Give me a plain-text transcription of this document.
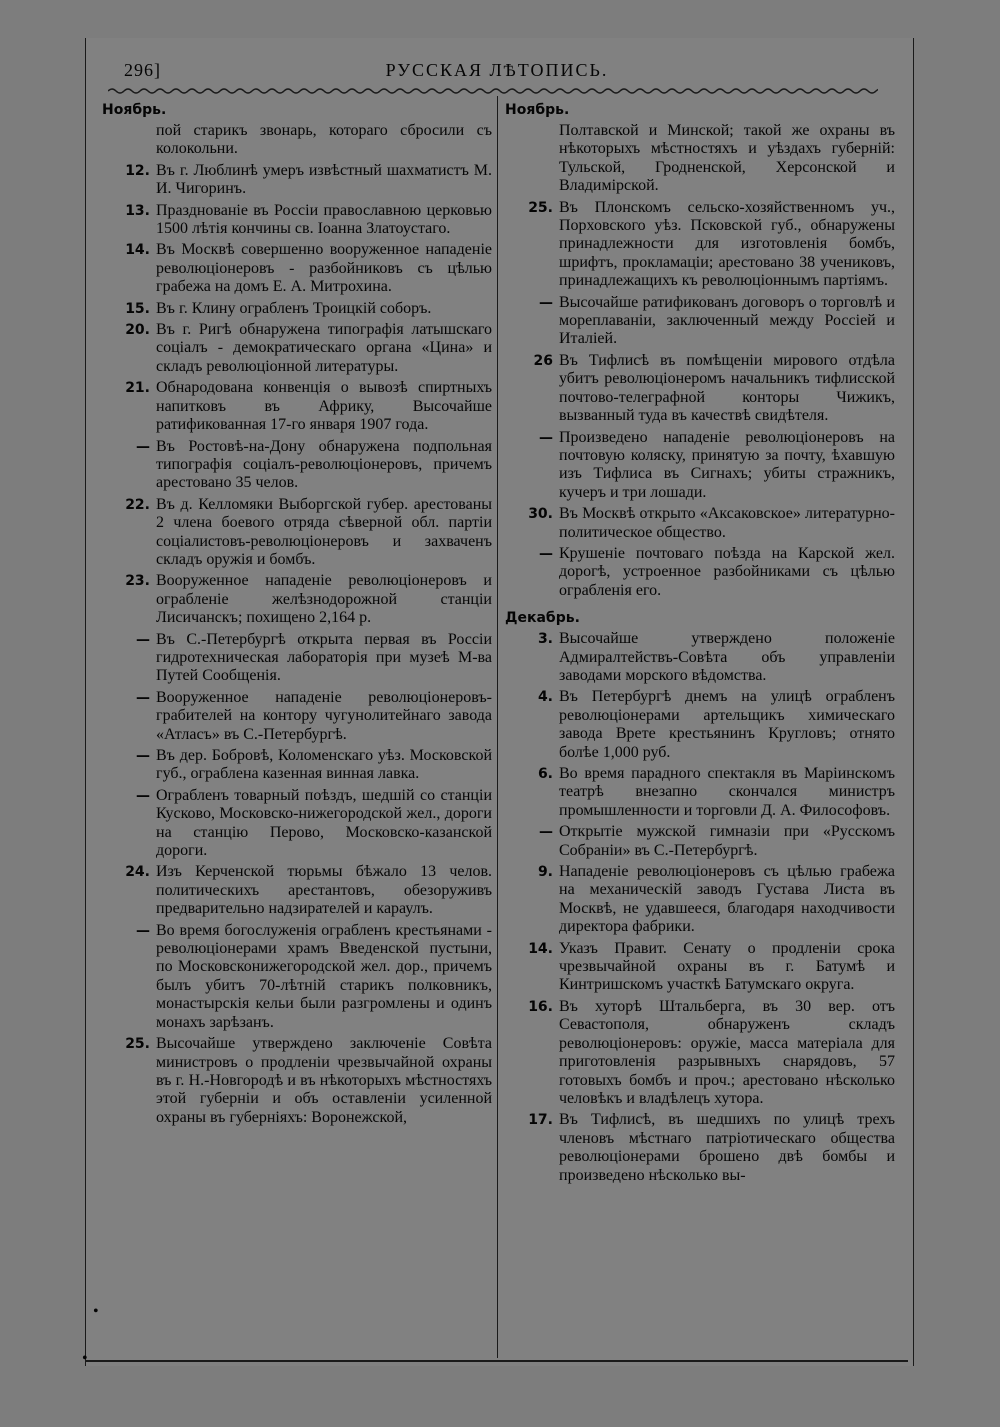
296]	РУССКАЯ ЛѢТОПИСЬ.
•
•
Ноябрь.
пой старикъ звонарь, котораго сбросили съ колокольни.
12. Въ г. Люблинѣ умеръ извѣстный шахматистъ М. И. Чигоринъ.
13. Празднованіе въ Россіи православною церковью 1500 лѣтія кончины св. Іоанна Златоустаго.
14. Въ Москвѣ совершенно вооруженное нападеніе революціонеровъ - разбойниковъ съ цѣлью грабежа на домъ Е. А. Митрохина.
15. Въ г. Клину ограбленъ Троицкій соборъ.
20. Въ г. Ригѣ обнаружена типографія латышскаго соціалъ - демократическаго органа «Цина» и складъ революціонной литературы.
21. Обнародована конвенція о вывозѣ спиртныхъ напитковъ въ Африку, Высочайше ратификованная 17-го января 1907 года.
— Въ Ростовѣ-на-Дону обнаружена подпольная типографія соціалъ-революціонеровъ, причемъ арестовано 35 челов.
22. Въ д. Келломяки Выборгской губер. арестованы 2 члена боевого отряда сѣверной обл. партіи соціалистовъ-революціонеровъ и захваченъ складъ оружія и бомбъ.
23. Вооруженное нападеніе революціонеровъ и ограбленіе желѣзнодорожной станціи Лисичанскъ; похищено 2,164 р.
— Въ С.-Петербургѣ открыта первая въ Россіи гидротехническая лабораторія при музеѣ М-ва Путей Сообщенія.
— Вооруженное нападеніе революціонеровъ-грабителей на контору чугунолитейнаго завода «Атласъ» въ С.-Петербургѣ.
— Въ дер. Бобровѣ, Коломенскаго уѣз. Московской губ., ограблена казенная винная лавка.
— Ограбленъ товарный поѣздъ, шедшій со станціи Кусково, Московско-нижегородской жел., дороги на станцію Перово, Московско-казанской дороги.
24. Изъ Керченской тюрьмы бѣжало 13 челов. политическихъ арестантовъ, обезоруживъ предварительно надзирателей и караулъ.
— Во время богослуженія ограбленъ крестьянами - революціонерами храмъ Введенской пустыни, по Московсконижегородской жел. дор., причемъ былъ убитъ 70-лѣтній старикъ полковникъ, монастырскія кельи были разгромлены и одинъ монахъ зарѣзанъ.
25. Высочайше утверждено заключеніе Совѣта министровъ о продленіи чрезвычайной охраны въ г. Н.-Новгородѣ и въ нѣкоторыхъ мѣстностяхъ этой губерніи и объ оставленіи усиленной охраны въ губерніяхъ: Воронежской,
Ноябрь.
Полтавской и Минской; такой же охраны въ нѣкоторыхъ мѣстностяхъ и уѣздахъ губерній: Тульской, Гродненской, Херсонской и Владимірской.
25. Въ Плонскомъ сельско-хозяйственномъ уч., Порховского уѣз. Псковской губ., обнаружены принадлежности для изготовленія бомбъ, шрифтъ, прокламаціи; арестовано 38 учениковъ, принадлежащихъ къ революціоннымъ партіямъ.
— Высочайше ратификованъ договоръ о торговлѣ и мореплаваніи, заключенный между Россіей и Италіей.
26 Въ Тифлисѣ въ помѣщеніи мирового отдѣла убитъ революціонеромъ начальникъ тифлисской почтово-телеграфной конторы Чижикъ, вызванный туда въ качествѣ свидѣтеля.
— Произведено нападеніе революціонеровъ на почтовую коляску, принятую за почту, ѣхавшую изъ Тифлиса въ Сигнахъ; убиты стражникъ, кучеръ и три лошади.
30. Въ Москвѣ открыто «Аксаковское» литературно-политическое общество.
— Крушеніе почтоваго поѣзда на Карской жел. дорогѣ, устроенное разбойниками съ цѣлью ограбленія его.
Декабрь.
3. Высочайше утверждено положеніе Адмиралтействъ-Совѣта объ управленіи заводами морского вѣдомства.
4. Въ Петербургѣ днемъ на улицѣ ограбленъ революціонерами артельщикъ химическаго завода Врете крестьянинъ Кругловъ; отнято болѣе 1,000 руб.
6. Во время парадного спектакля въ Маріинскомъ театрѣ внезапно скончался министръ промышленности и торговли Д. А. Философовъ.
— Открытіе мужской гимназіи при «Русскомъ Собраніи» въ С.-Петербургѣ.
9. Нападеніе революціонеровъ съ цѣлью грабежа на механическій заводъ Густава Листа въ Москвѣ, не удавшееся, благодаря находчивости директора фабрики.
14. Указъ Правит. Сенату о продленіи срока чрезвычайной охраны въ г. Батумѣ и Кинтришскомъ участкѣ Батумскаго округа.
16. Въ хуторѣ Штальберга, въ 30 вер. отъ Севастополя, обнаруженъ складъ революціонеровъ: оружіе, масса матеріала для приготовленія разрывныхъ снарядовъ, 57 готовыхъ бомбъ и проч.; арестовано нѣсколько человѣкъ и владѣлецъ хутора.
17. Въ Тифлисѣ, въ шедшихъ по улицѣ трехъ членовъ мѣстнаго патріотическаго общества революціонерами брошено двѣ бомбы и произведено нѣсколько вы-
